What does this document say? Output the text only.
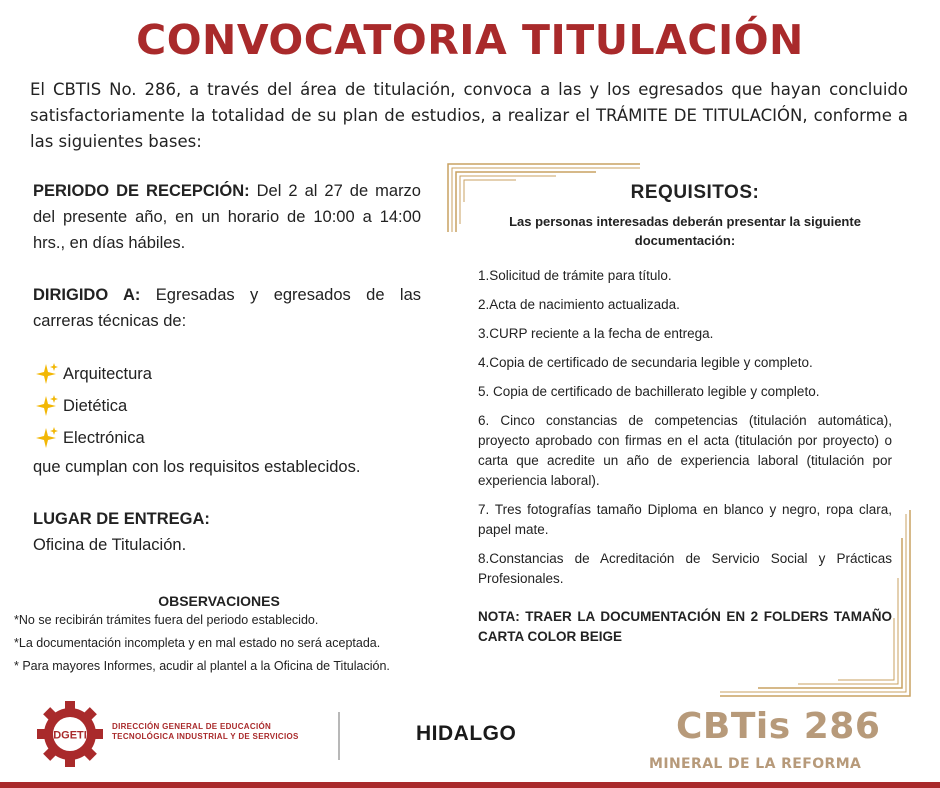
CONVOCATORIA TITULACIÓN

El CBTIS No. 286, a través del área de titulación, convoca a las y los egresados que hayan concluido satisfactoriamente la totalidad de su plan de estudios, a realizar el TRÁMITE DE TITULACIÓN, conforme a las siguientes bases:

PERIODO DE RECEPCIÓN: Del 2 al 27 de marzo del presente año, en un horario de 10:00 a 14:00 hrs., en días hábiles.

DIRIGIDO A: Egresadas y egresados de las carreras técnicas de:

Arquitectura
Dietética
Electrónica

que cumplan con los requisitos establecidos.

LUGAR DE ENTREGA:
Oficina de Titulación.

OBSERVACIONES

*No se recibirán trámites fuera del periodo establecido.

*La documentación incompleta y en mal estado no será aceptada.

* Para mayores Informes, acudir al plantel a la Oficina de Titulación.

REQUISITOS:

Las personas interesadas deberán presentar la siguiente documentación:

1.Solicitud de trámite para título.
2.Acta de nacimiento actualizada.
3.CURP reciente a la fecha de entrega.
4.Copia de certificado de secundaria legible y completo.
5. Copia de certificado de bachillerato legible y completo.
6. Cinco constancias de competencias (titulación automática), proyecto aprobado con firmas en el acta (titulación por proyecto) o carta que acredite un año de experiencia laboral (titulación por experiencia laboral).
7. Tres fotografías tamaño Diploma en blanco y negro, ropa clara, papel mate.
8.Constancias de Acreditación de Servicio Social y Prácticas Profesionales.

NOTA: TRAER LA DOCUMENTACIÓN EN 2 FOLDERS TAMAÑO CARTA COLOR BEIGE

DGETI
DIRECCIÓN GENERAL DE EDUCACIÓN
TECNOLÓGICA INDUSTRIAL Y DE SERVICIOS	HIDALGO	CBTis 286
MINERAL DE LA REFORMA
